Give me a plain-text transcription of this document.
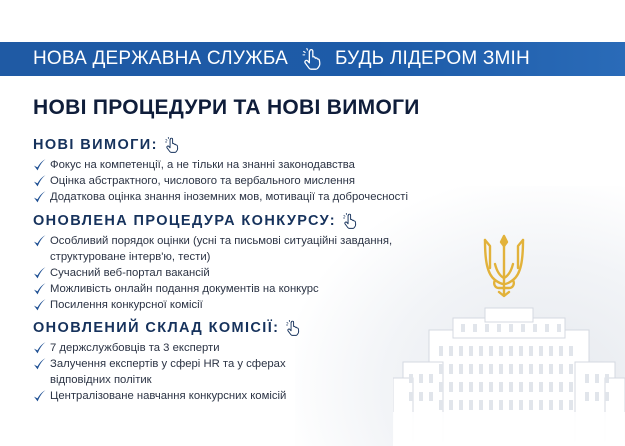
НОВА ДЕРЖАВНА СЛУЖБА БУДЬ ЛІДЕРОМ ЗМІН
НОВІ ПРОЦЕДУРИ ТА НОВІ ВИМОГИ
НОВІ ВИМОГИ:
Фокус на компетенції, а не тільки на знанні законодавства
Оцінка абстрактного, числового та вербального мислення
Додаткова оцінка знання іноземних мов, мотивації та доброчесності
ОНОВЛЕНА ПРОЦЕДУРА КОНКУРСУ:
Особливий порядок оцінки (усні та письмові ситуаційні завдання,
структуроване інтерв'ю, тести)
Сучасний веб-портал вакансій
Можливість онлайн подання документів на конкурс
Посилення конкурсної комісії
ОНОВЛЕНИЙ СКЛАД КОМІСІЇ:
7 держслужбовців та 3 експерти
Залучення експертів у сфері HR та у сферах
відповідних політик
Централізоване навчання конкурсних комісій
